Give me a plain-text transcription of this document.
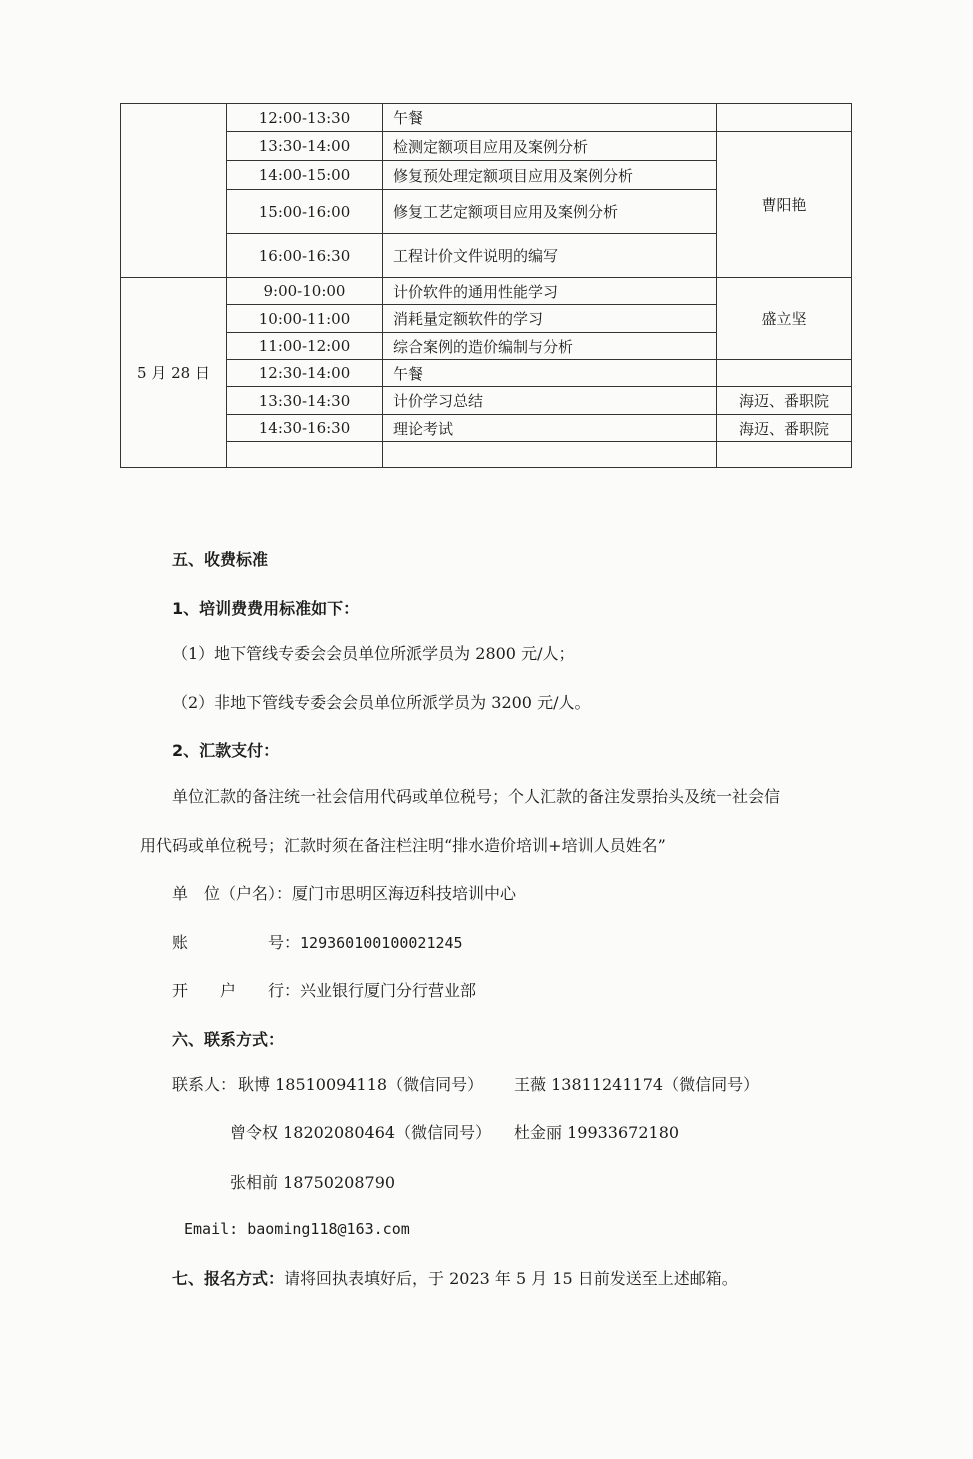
	12:00-13:30	午餐	
	13:30-14:00	检测定额项目应用及案例分析	曹阳艳
	14:00-15:00	修复预处理定额项目应用及案例分析	
	15:00-16:00	修复工艺定额项目应用及案例分析	
	16:00-16:30	工程计价文件说明的编写	
5 月 28 日	9:00-10:00	计价软件的通用性能学习	盛立坚
	10:00-11:00	消耗量定额软件的学习	
	11:00-12:00	综合案例的造价编制与分析	
	12:30-14:00	午餐	
	13:30-14:30	计价学习总结	海迈、番职院
	14:30-16:30	理论考试	海迈、番职院

五、收费标准
1、培训费费用标准如下：
（1）地下管线专委会会员单位所派学员为 2800 元/人；
（2）非地下管线专委会会员单位所派学员为 3200 元/人。
2、汇款支付：
单位汇款的备注统一社会信用代码或单位税号；个人汇款的备注发票抬头及统一社会信
用代码或单位税号；汇款时须在备注栏注明“排水造价培训+培训人员姓名”
单　位（户名）：厦门市思明区海迈科技培训中心
账　　　　　号：129360100100021245
开　　户　　行：兴业银行厦门分行营业部
六、联系方式：
联系人： 耿博 18510094118（微信同号） 王薇 13811241174（微信同号）
曾令权 18202080464（微信同号） 杜金丽 19933672180
张相前 18750208790
Email: baoming118@163.com
七、报名方式：请将回执表填好后，于 2023 年 5 月 15 日前发送至上述邮箱。
